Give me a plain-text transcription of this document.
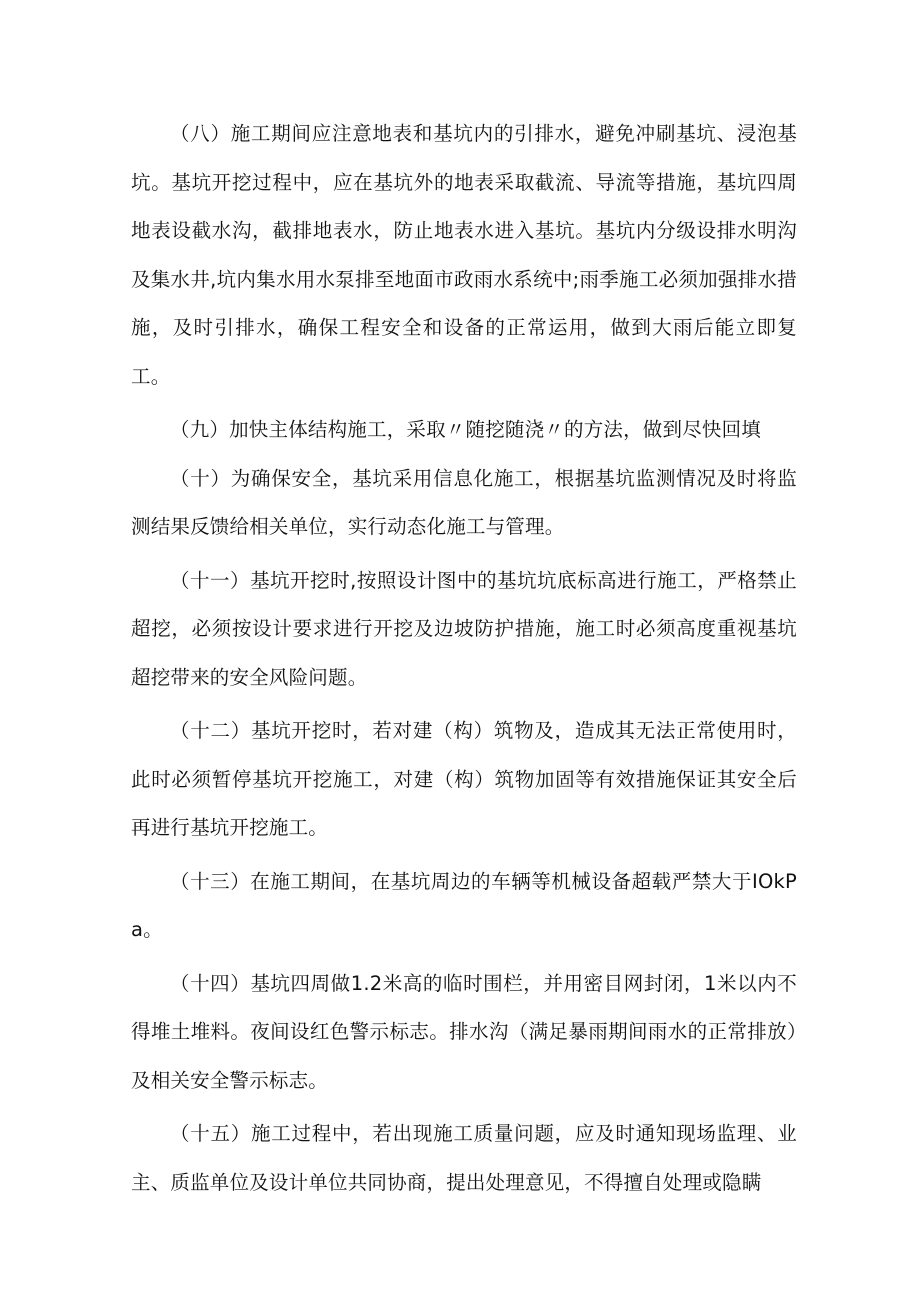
（八）施工期间应注意地表和基坑内的引排水，避免冲刷基坑、浸泡基坑。基坑开挖过程中，应在基坑外的地表采取截流、导流等措施，基坑四周地表设截水沟，截排地表水，防止地表水进入基坑。基坑内分级设排水明沟及集水井,坑内集水用水泵排至地面市政雨水系统中;雨季施工必须加强排水措施，及时引排水，确保工程安全和设备的正常运用，做到大雨后能立即复工。

（九）加快主体结构施工，采取〃随挖随浇〃的方法，做到尽快回填

（十）为确保安全，基坑采用信息化施工，根据基坑监测情况及时将监测结果反馈给相关单位，实行动态化施工与管理。

（十一）基坑开挖时,按照设计图中的基坑坑底标高进行施工，严格禁止超挖，必须按设计要求进行开挖及边坡防护措施，施工时必须高度重视基坑超挖带来的安全风险问题。

（十二）基坑开挖时，若对建（构）筑物及，造成其无法正常使用时，此时必须暂停基坑开挖施工，对建（构）筑物加固等有效措施保证其安全后再进行基坑开挖施工。

（十三）在施工期间，在基坑周边的车辆等机械设备超载严禁大于IOkPa。

（十四）基坑四周做1.2米高的临时围栏，并用密目网封闭，1米以内不得堆土堆料。夜间设红色警示标志。排水沟（满足暴雨期间雨水的正常排放）及相关安全警示标志。

（十五）施工过程中，若出现施工质量问题，应及时通知现场监理、业主、质监单位及设计单位共同协商，提出处理意见，不得擅自处理或隐瞒
